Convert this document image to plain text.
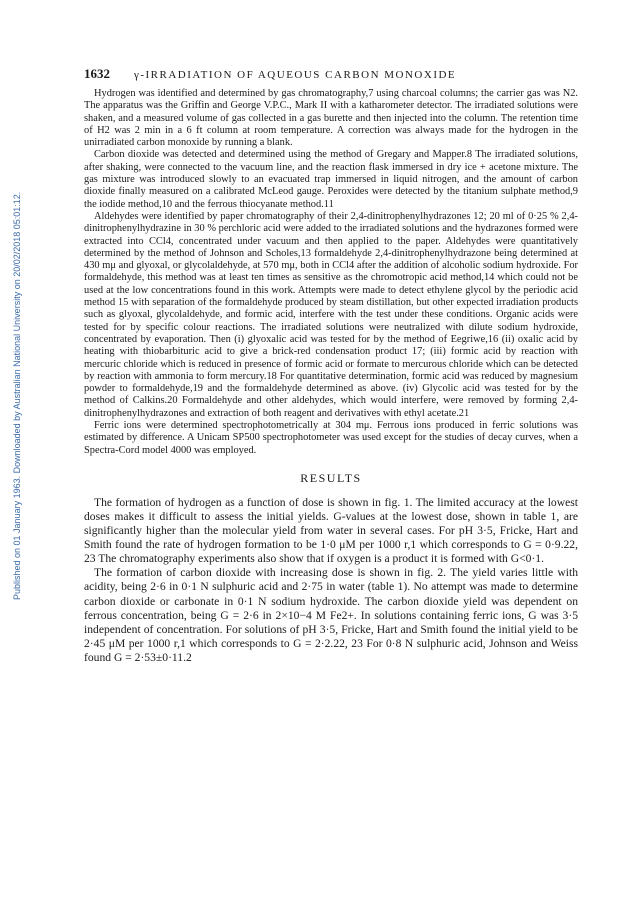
Published on 01 January 1963. Downloaded by Australian National University on 20/02/2018 05:01:12.
1632 γ-IRRADIATION OF AQUEOUS CARBON MONOXIDE

Hydrogen was identified and determined by gas chromatography,7 using charcoal columns; the carrier gas was N2. The apparatus was the Griffin and George V.P.C., Mark II with a katharometer detector. The irradiated solutions were shaken, and a measured volume of gas collected in a gas burette and then injected into the column. The retention time of H2 was 2 min in a 6 ft column at room temperature. A correction was always made for the hydrogen in the unirradiated carbon monoxide by running a blank.

Carbon dioxide was detected and determined using the method of Gregary and Mapper.8 The irradiated solutions, after shaking, were connected to the vacuum line, and the reaction flask immersed in dry ice + acetone mixture. The gas mixture was introduced slowly to an evacuated trap immersed in liquid nitrogen, and the amount of carbon dioxide finally measured on a calibrated McLeod gauge. Peroxides were detected by the titanium sulphate method,9 the iodide method,10 and the ferrous thiocyanate method.11

Aldehydes were identified by paper chromatography of their 2,4-dinitrophenylhydrazones 12; 20 ml of 0·25 % 2,4-dinitrophenylhydrazine in 30 % perchloric acid were added to the irradiated solutions and the hydrazones formed were extracted into CCl4, concentrated under vacuum and then applied to the paper. Aldehydes were quantitatively determined by the method of Johnson and Scholes,13 formaldehyde 2,4-dinitrophenylhydrazone being determined at 430 mμ and glyoxal, or glycolaldehyde, at 570 mμ, both in CCl4 after the addition of alcoholic sodium hydroxide. For formaldehyde, this method was at least ten times as sensitive as the chromotropic acid method,14 which could not be used at the low concentrations found in this work. Attempts were made to detect ethylene glycol by the periodic acid method 15 with separation of the formaldehyde produced by steam distillation, but other expected irradiation products such as glyoxal, glycolaldehyde, and formic acid, interfere with the test under these conditions. Organic acids were tested for by specific colour reactions. The irradiated solutions were neutralized with dilute sodium hydroxide, concentrated by evaporation. Then (i) glyoxalic acid was tested for by the method of Eegriwe,16 (ii) oxalic acid by heating with thiobarbituric acid to give a brick-red condensation product 17; (iii) formic acid by reaction with mercuric chloride which is reduced in presence of formic acid or formate to mercurous chloride which can be detected by reaction with ammonia to form mercury.18 For quantitative determination, formic acid was reduced by magnesium powder to formaldehyde,19 and the formaldehyde determined as above. (iv) Glycolic acid was tested for by the method of Calkins.20 Formaldehyde and other aldehydes, which would interfere, were removed by forming 2,4-dinitrophenylhydrazones and extraction of both reagent and derivatives with ethyl acetate.21

Ferric ions were determined spectrophotometrically at 304 mμ. Ferrous ions produced in ferric solutions was estimated by difference. A Unicam SP500 spectrophotometer was used except for the studies of decay curves, when a Spectra-Cord model 4000 was employed.

RESULTS

The formation of hydrogen as a function of dose is shown in fig. 1. The limited accuracy at the lowest doses makes it difficult to assess the initial yields. G-values at the lowest dose, shown in table 1, are significantly higher than the molecular yield from water in several cases. For pH 3·5, Fricke, Hart and Smith found the rate of hydrogen formation to be 1·0 μM per 1000 r,1 which corresponds to G = 0·9.22, 23 The chromatography experiments also show that if oxygen is a product it is formed with G<0·1.

The formation of carbon dioxide with increasing dose is shown in fig. 2. The yield varies little with acidity, being 2·6 in 0·1 N sulphuric acid and 2·75 in water (table 1). No attempt was made to determine carbon dioxide or carbonate in 0·1 N sodium hydroxide. The carbon dioxide yield was dependent on ferrous concentration, being G = 2·6 in 2×10−4 M Fe2+. In solutions containing ferric ions, G was 3·5 independent of concentration. For solutions of pH 3·5, Fricke, Hart and Smith found the initial yield to be 2·45 μM per 1000 r,1 which corresponds to G = 2·2.22, 23 For 0·8 N sulphuric acid, Johnson and Weiss found G = 2·53±0·11.2
